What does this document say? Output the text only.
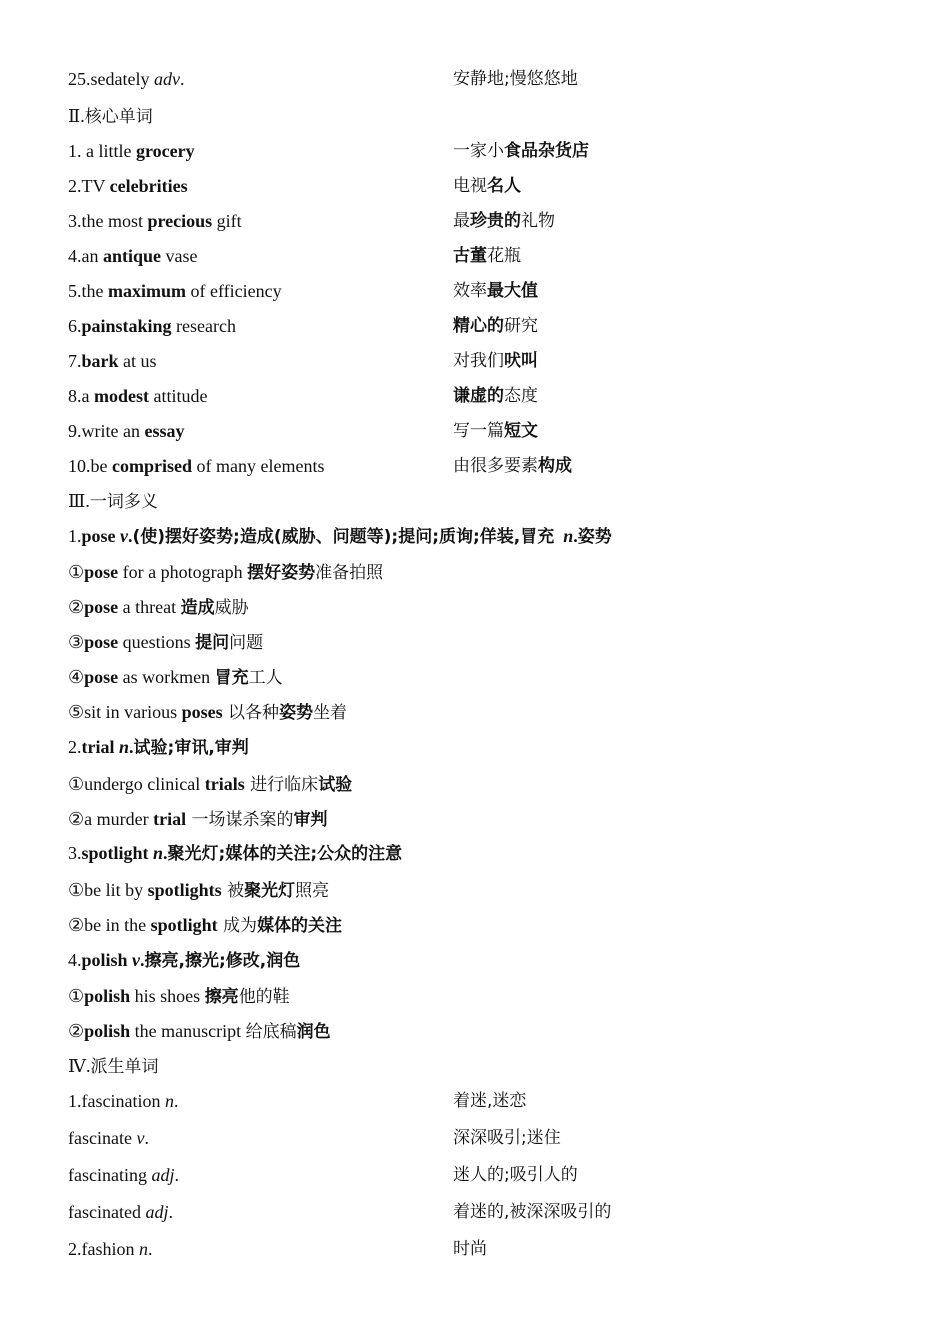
25.sedately adv.	安静地;慢悠悠地
Ⅱ.核心单词
1. a little grocery	一家小食品杂货店
2.TV celebrities	电视名人
3.the most precious gift	最珍贵的礼物
4.an antique vase	古董花瓶
5.the maximum of efficiency	效率最大值
6.painstaking research	精心的研究
7.bark at us	对我们吠叫
8.a modest attitude	谦虚的态度
9.write an essay	写一篇短文
10.be comprised of many elements	由很多要素构成
Ⅲ.一词多义
1.pose v.(使)摆好姿势;造成(威胁、问题等);提问;质询;佯装,冒充 n.姿势
①pose for a photograph 摆好姿势准备拍照
②pose a threat 造成威胁
③pose questions 提问问题
④pose as workmen 冒充工人
⑤sit in various poses 以各种姿势坐着
2.trial n.试验;审讯,审判
①undergo clinical trials 进行临床试验
②a murder trial 一场谋杀案的审判
3.spotlight n.聚光灯;媒体的关注;公众的注意
①be lit by spotlights 被聚光灯照亮
②be in the spotlight 成为媒体的关注
4.polish v.擦亮,擦光;修改,润色
①polish his shoes 擦亮他的鞋
②polish the manuscript 给底稿润色
Ⅳ.派生单词
1.fascination n.	着迷,迷恋
fascinate v.	深深吸引;迷住
fascinating adj.	迷人的;吸引人的
fascinated adj.	着迷的,被深深吸引的
2.fashion n.	时尚
